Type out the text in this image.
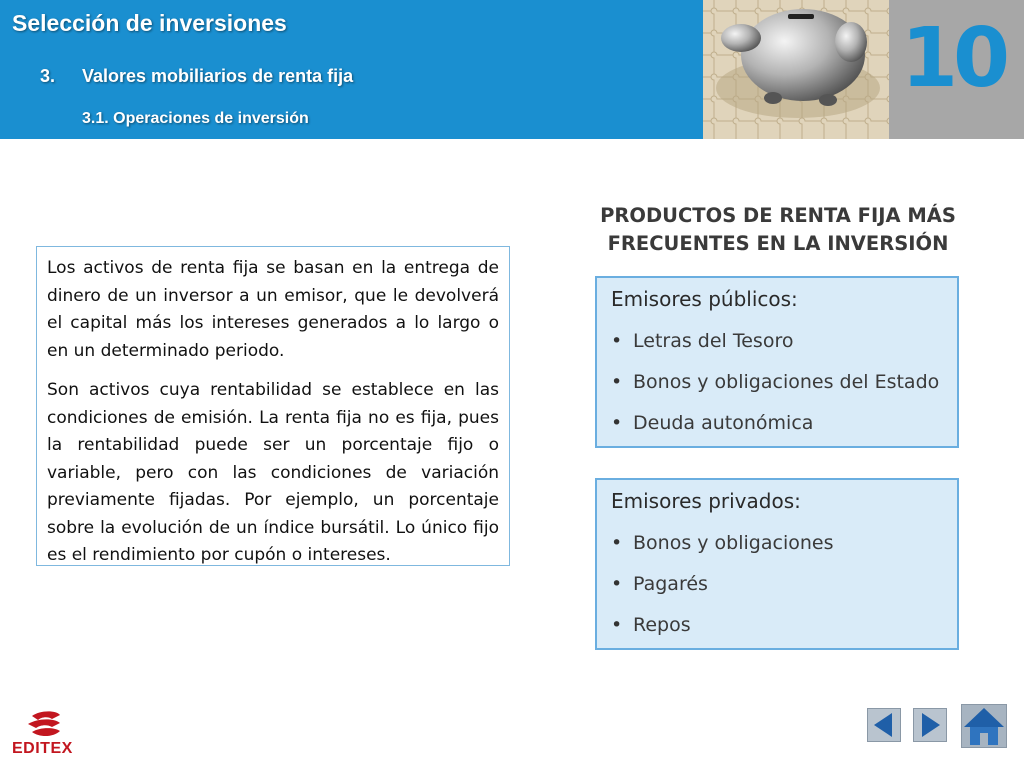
Selección de inversiones
3. Valores mobiliarios de renta fija
3.1. Operaciones de inversión
10

Los activos de renta fija se basan en la entrega de dinero de un inversor a un emisor, que le devolverá el capital más los intereses generados a lo largo o en un determinado periodo.

Son activos cuya rentabilidad se establece en las condiciones de emisión. La renta fija no es fija, pues la rentabilidad puede ser un porcentaje fijo o variable, pero con las condiciones de variación previamente fijadas. Por ejemplo, un porcentaje sobre la evolución de un índice bursátil. Lo único fijo es el rendimiento por cupón o intereses.

PRODUCTOS DE RENTA FIJA MÁS
FRECUENTES EN LA INVERSIÓN
Emisores públicos:
• Letras del Tesoro
• Bonos y obligaciones del Estado
• Deuda autonómica
Emisores privados:
• Bonos y obligaciones
• Pagarés
• Repos
EDITEX
